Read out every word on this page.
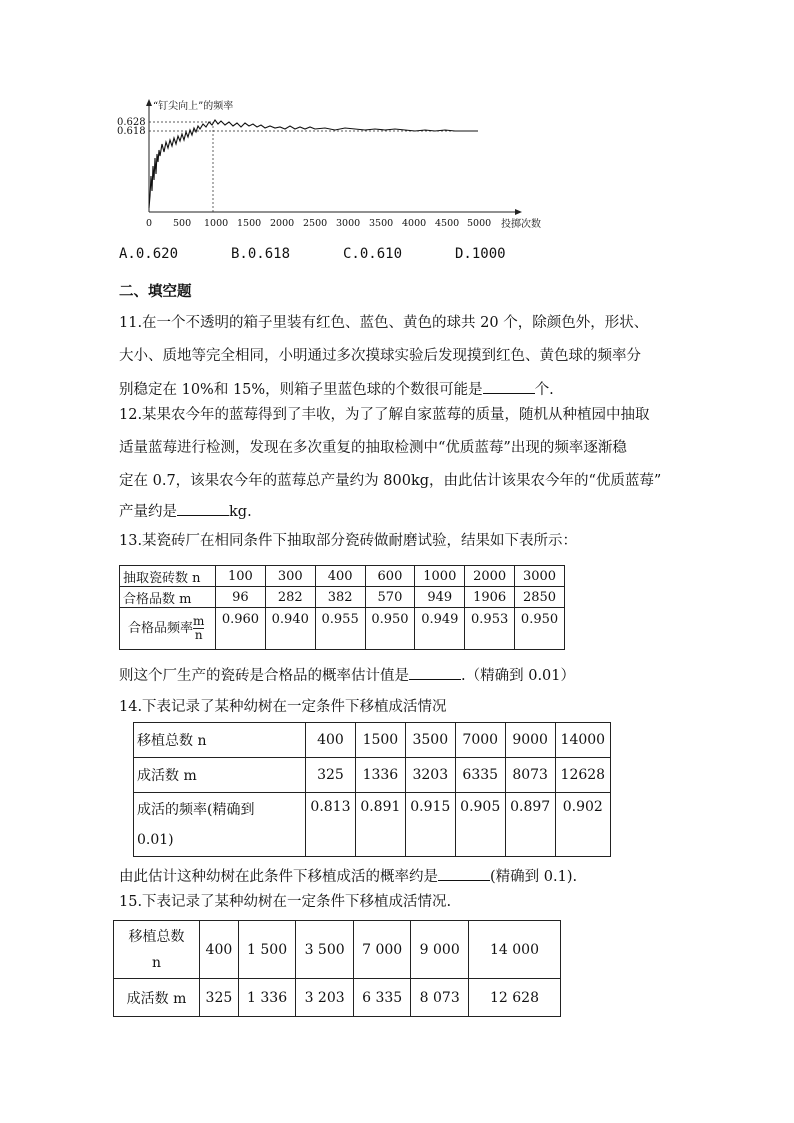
“钉尖向上”的频率
投掷次数
0.628
0.618
0 500 1000 1500 2000 2500 3000 3500 4000 4500 5000
A.0.620	B.0.618	C.0.610	D.1000
二、填空题
11.在一个不透明的箱子里装有红色、蓝色、黄色的球共 20 个，除颜色外，形状、
大小、质地等完全相同，小明通过多次摸球实验后发现摸到红色、黄色球的频率分
别稳定在 10%和 15%，则箱子里蓝色球的个数很可能是	个.
12.某果农今年的蓝莓得到了丰收，为了了解自家蓝莓的质量，随机从种植园中抽取
适量蓝莓进行检测，发现在多次重复的抽取检测中“优质蓝莓”出现的频率逐渐稳
定在 0.7，该果农今年的蓝莓总产量约为 800kg，由此估计该果农今年的“优质蓝莓”
产量约是	kg.
13.某瓷砖厂在相同条件下抽取部分瓷砖做耐磨试验，结果如下表所示：
抽取瓷砖数 n	100	300	400	600	1000	2000	3000
合格品数 m	96	282	382	570	949	1906	2850
合格品频率 $\frac{m}{n}$	0.960	0.940	0.955	0.950	0.949	0.953	0.950
则这个厂生产的瓷砖是合格品的概率估计值是	.（精确到 0.01）
14.下表记录了某种幼树在一定条件下移植成活情况
移植总数 n	400	1500	3500	7000	9000	14000
成活数 m	325	1336	3203	6335	8073	12628

成活的频率(精确到
0.01)	0.813	0.891	0.915	0.905	0.897	0.902
由此估计这种幼树在此条件下移植成活的概率约是	(精确到 0.1).
15.下表记录了某种幼树在一定条件下移植成活情况.
移植总数
n	400	1 500	3 500	7 000	9 000	14 000
成活数 m	325	1 336	3 203	6 335	8 073	12 628
